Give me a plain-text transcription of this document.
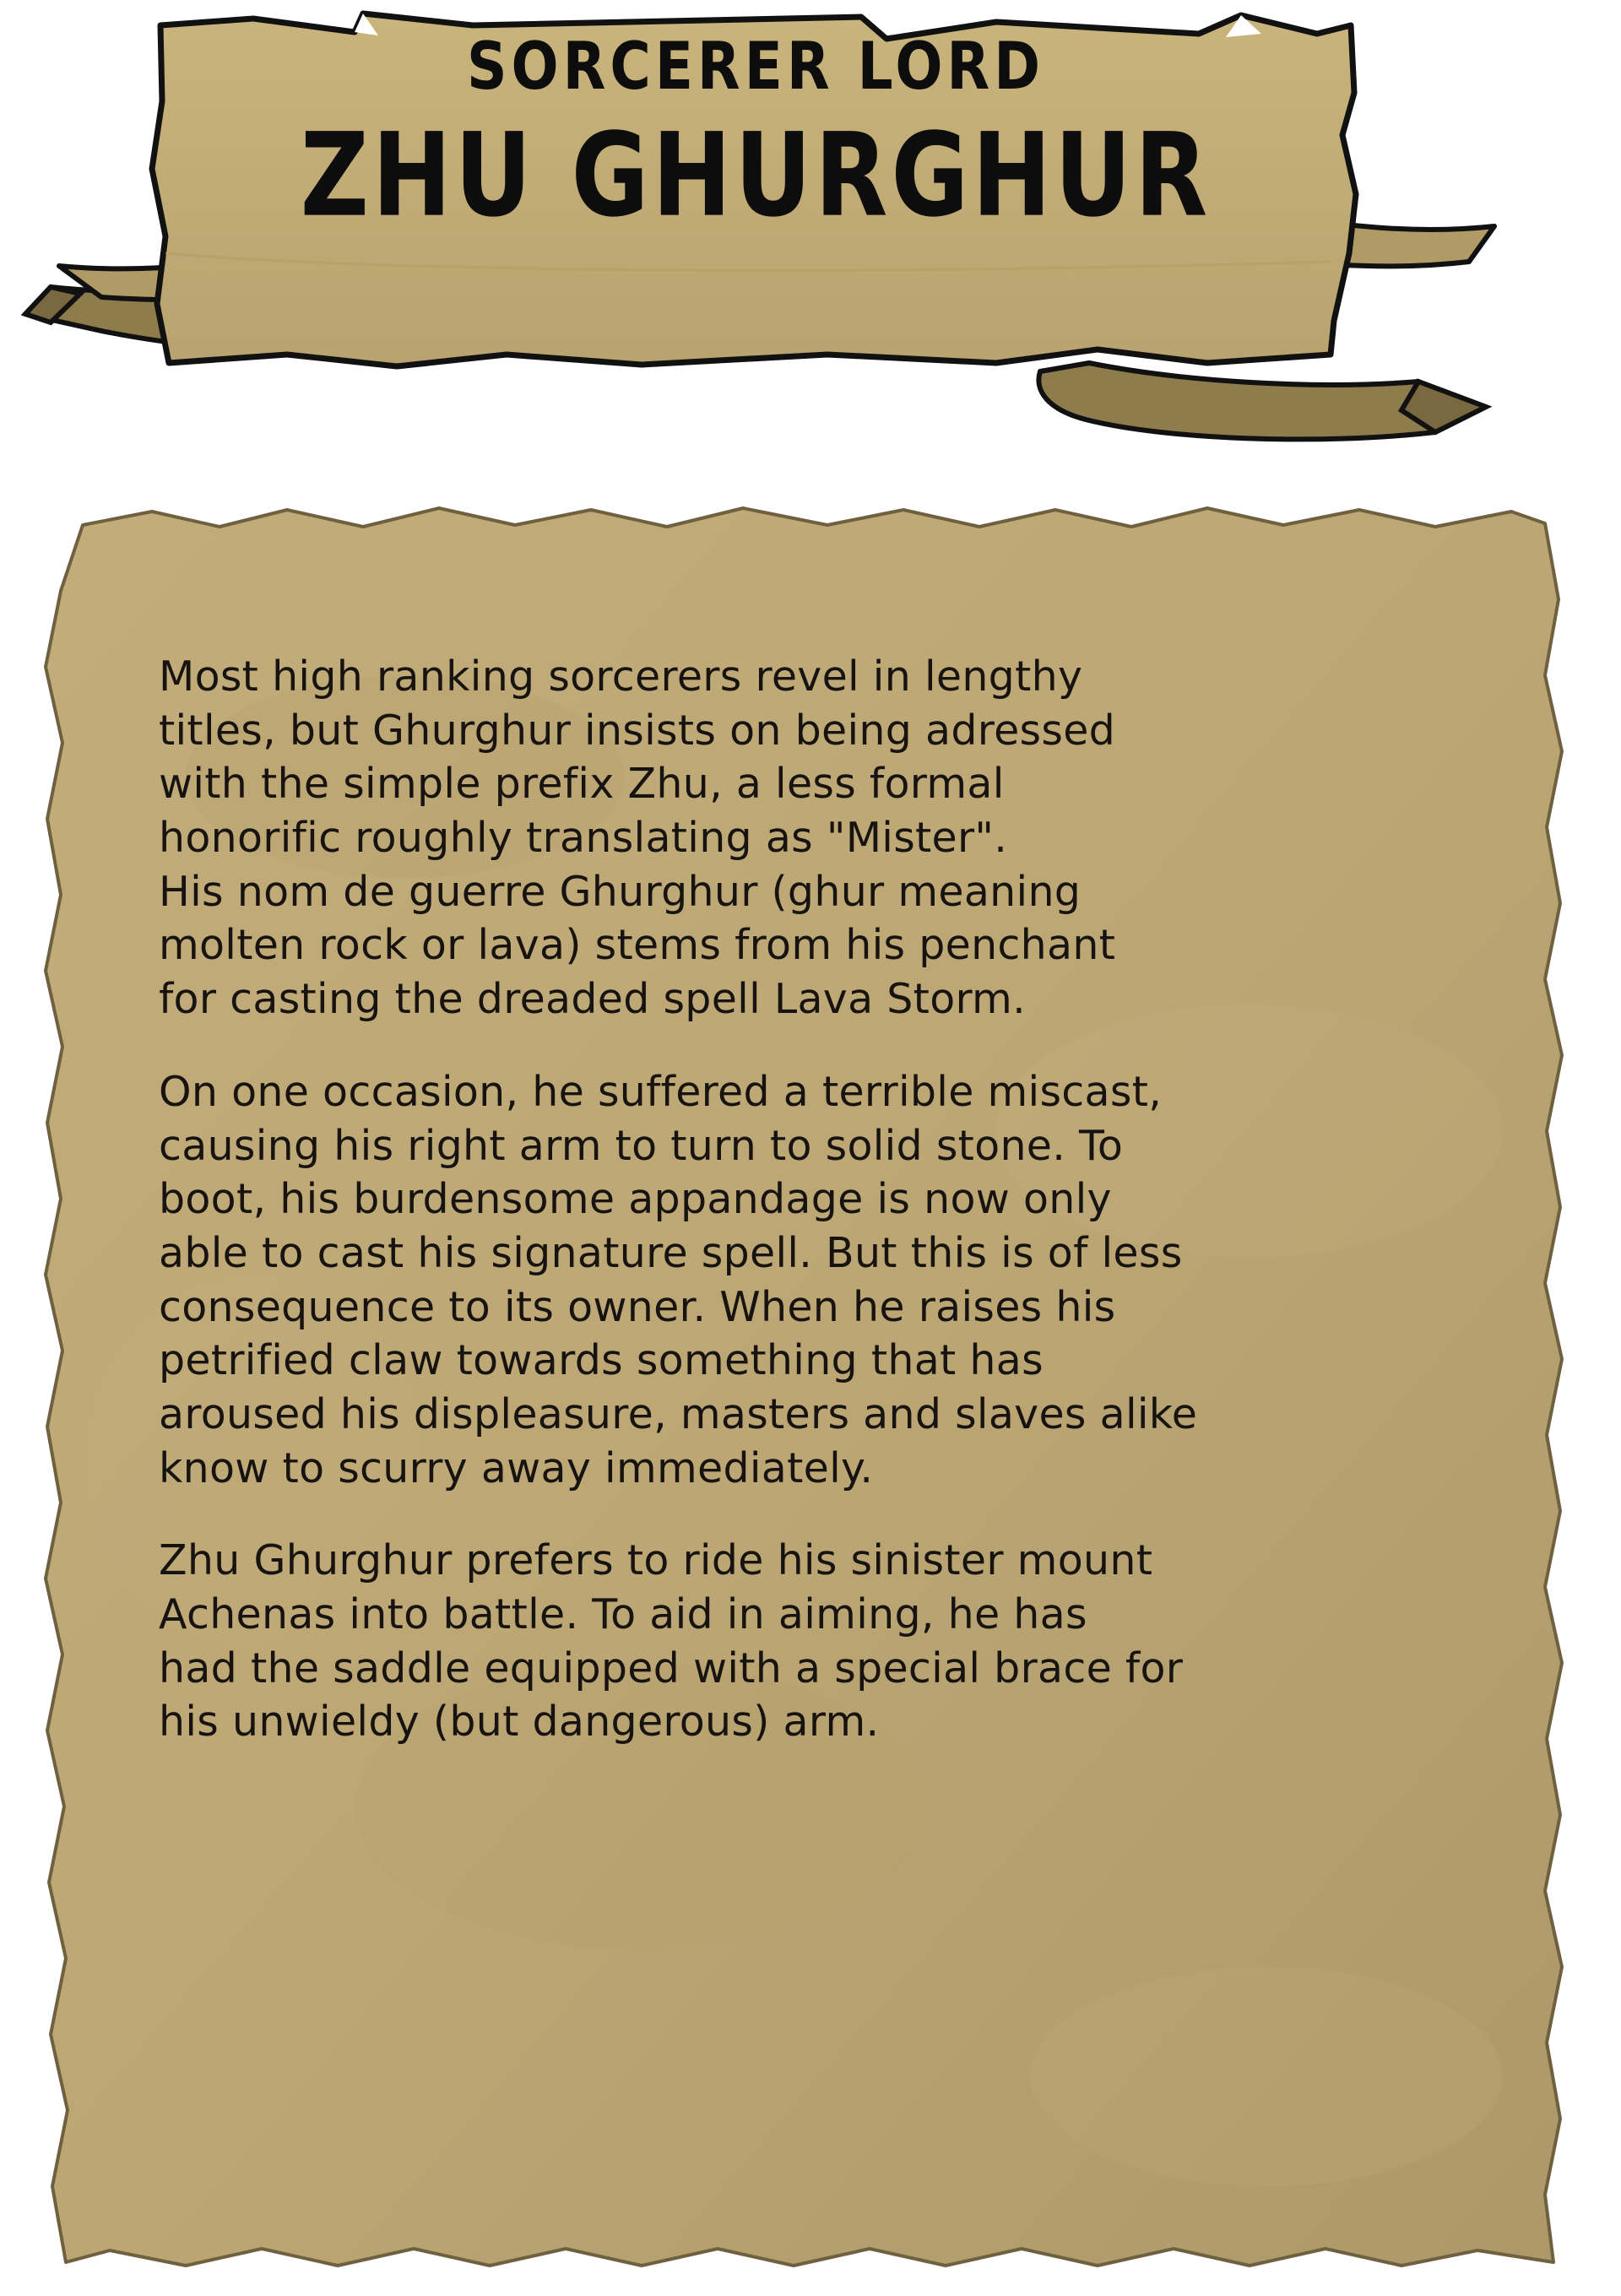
SORCERER LORD
ZHU GHURGHUR

Most high ranking sorcerers revel in lengthy
titles, but Ghurghur insists on being adressed
with the simple prefix Zhu, a less formal
honorific roughly translating as "Mister".
His nom de guerre Ghurghur (ghur meaning
molten rock or lava) stems from his penchant
for casting the dreaded spell Lava Storm.

On one occasion, he suffered a terrible miscast,
causing his right arm to turn to solid stone. To
boot, his burdensome appandage is now only
able to cast his signature spell. But this is of less
consequence to its owner. When he raises his
petrified claw towards something that has
aroused his displeasure, masters and slaves alike
know to scurry away immediately.

Zhu Ghurghur prefers to ride his sinister mount
Achenas into battle. To aid in aiming, he has
had the saddle equipped with a special brace for
his unwieldy (but dangerous) arm.
